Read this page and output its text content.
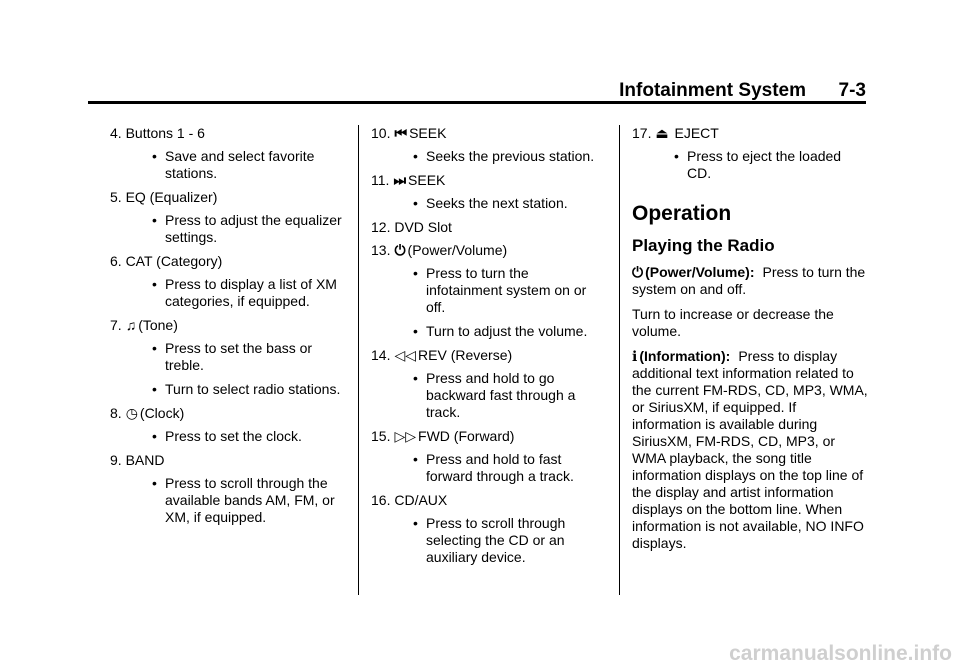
Infotainment System 7-3
4. Buttons 1 - 6
• Save and select favorite stations.
5. EQ (Equalizer)
• Press to adjust the equalizer settings.
6. CAT (Category)
• Press to display a list of XM categories, if equipped.
7. ♫ (Tone)
• Press to set the bass or treble.
• Turn to select radio stations.
8. ◷ (Clock)
• Press to set the clock.
9. BAND
• Press to scroll through the available bands AM, FM, or XM, if equipped.
10. ⏮ SEEK
• Seeks the previous station.
11. ⏭ SEEK
• Seeks the next station.
12. DVD Slot
13. ⏻ (Power/Volume)
• Press to turn the infotainment system on or off.
• Turn to adjust the volume.
14. ◁◁ REV (Reverse)
• Press and hold to go backward fast through a track.
15. ▷▷ FWD (Forward)
• Press and hold to fast forward through a track.
16. CD/AUX
• Press to scroll through selecting the CD or an auxiliary device.
17. ⏏ EJECT
• Press to eject the loaded CD.
Operation
Playing the Radio

⏻ (Power/Volume): Press to turn the system on and off.

Turn to increase or decrease the volume.

ℹ (Information): Press to display additional text information related to the current FM-RDS, CD, MP3, WMA, or SiriusXM, if equipped. If information is available during SiriusXM, FM-RDS, CD, MP3, or WMA playback, the song title information displays on the top line of the display and artist information displays on the bottom line. When information is not available, NO INFO displays.

carmanualsonline.info
